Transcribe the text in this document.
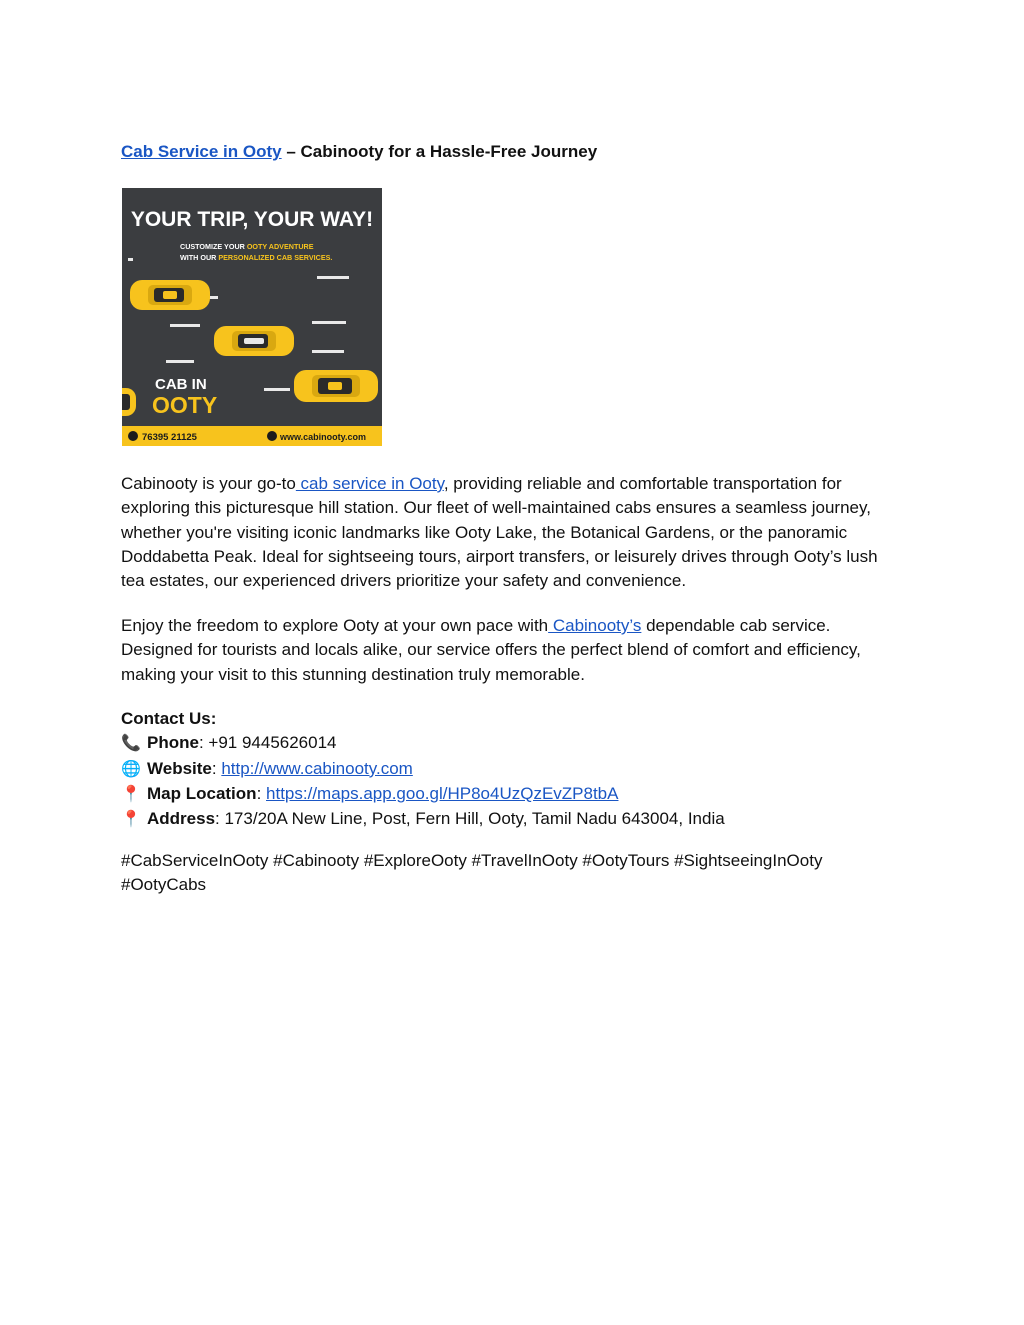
Cab Service in Ooty – Cabinooty for a Hassle-Free Journey
YOUR TRIP, YOUR WAY!
CUSTOMIZE YOUR OOTY ADVENTURE
WITH OUR PERSONALIZED CAB SERVICES.
CAB IN
OOTY
76395 21125	www.cabinooty.com

Cabinooty is your go-to cab service in Ooty, providing reliable and comfortable transportation for exploring this picturesque hill station. Our fleet of well-maintained cabs ensures a seamless journey, whether you're visiting iconic landmarks like Ooty Lake, the Botanical Gardens, or the panoramic Doddabetta Peak. Ideal for sightseeing tours, airport transfers, or leisurely drives through Ooty’s lush tea estates, our experienced drivers prioritize your safety and convenience.

Enjoy the freedom to explore Ooty at your own pace with Cabinooty’s dependable cab service. Designed for tourists and locals alike, our service offers the perfect blend of comfort and efficiency, making your visit to this stunning destination truly memorable.

Contact Us:
📞 Phone: +91 9445626014
🌐 Website: http://www.cabinooty.com
📍 Map Location: https://maps.app.goo.gl/HP8o4UzQzEvZP8tbA
📍 Address: 173/20A New Line, Post, Fern Hill, Ooty, Tamil Nadu 643004, India

#CabServiceInOoty #Cabinooty #ExploreOoty #TravelInOoty #OotyTours #SightseeingInOoty #OotyCabs
